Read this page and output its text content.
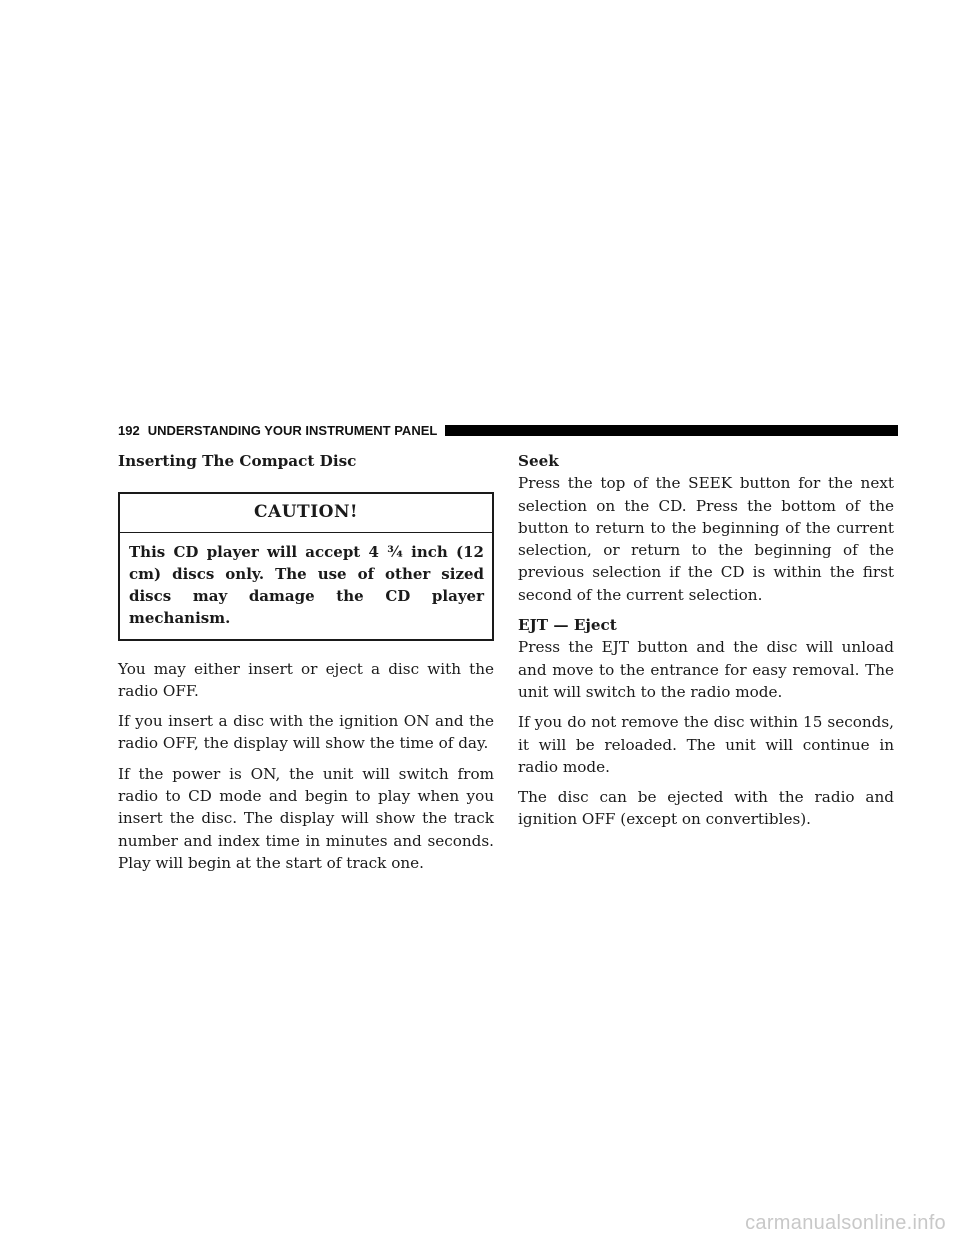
192 UNDERSTANDING YOUR INSTRUMENT PANEL
Inserting The Compact Disc
CAUTION!
This CD player will accept 4 ¾ inch (12 cm) discs only. The use of other sized discs may damage the CD player mechanism.

You may either insert or eject a disc with the radio OFF.

If you insert a disc with the ignition ON and the radio OFF, the display will show the time of day.

If the power is ON, the unit will switch from radio to CD mode and begin to play when you insert the disc. The display will show the track number and index time in minutes and seconds. Play will begin at the start of track one.

Seek

Press the top of the SEEK button for the next selection on the CD. Press the bottom of the button to return to the beginning of the current selection, or return to the beginning of the previous selection if the CD is within the first second of the current selection.

EJT — Eject

Press the EJT button and the disc will unload and move to the entrance for easy removal. The unit will switch to the radio mode.

If you do not remove the disc within 15 seconds, it will be reloaded. The unit will continue in radio mode.

The disc can be ejected with the radio and ignition OFF (except on convertibles).

carmanualsonline.info
